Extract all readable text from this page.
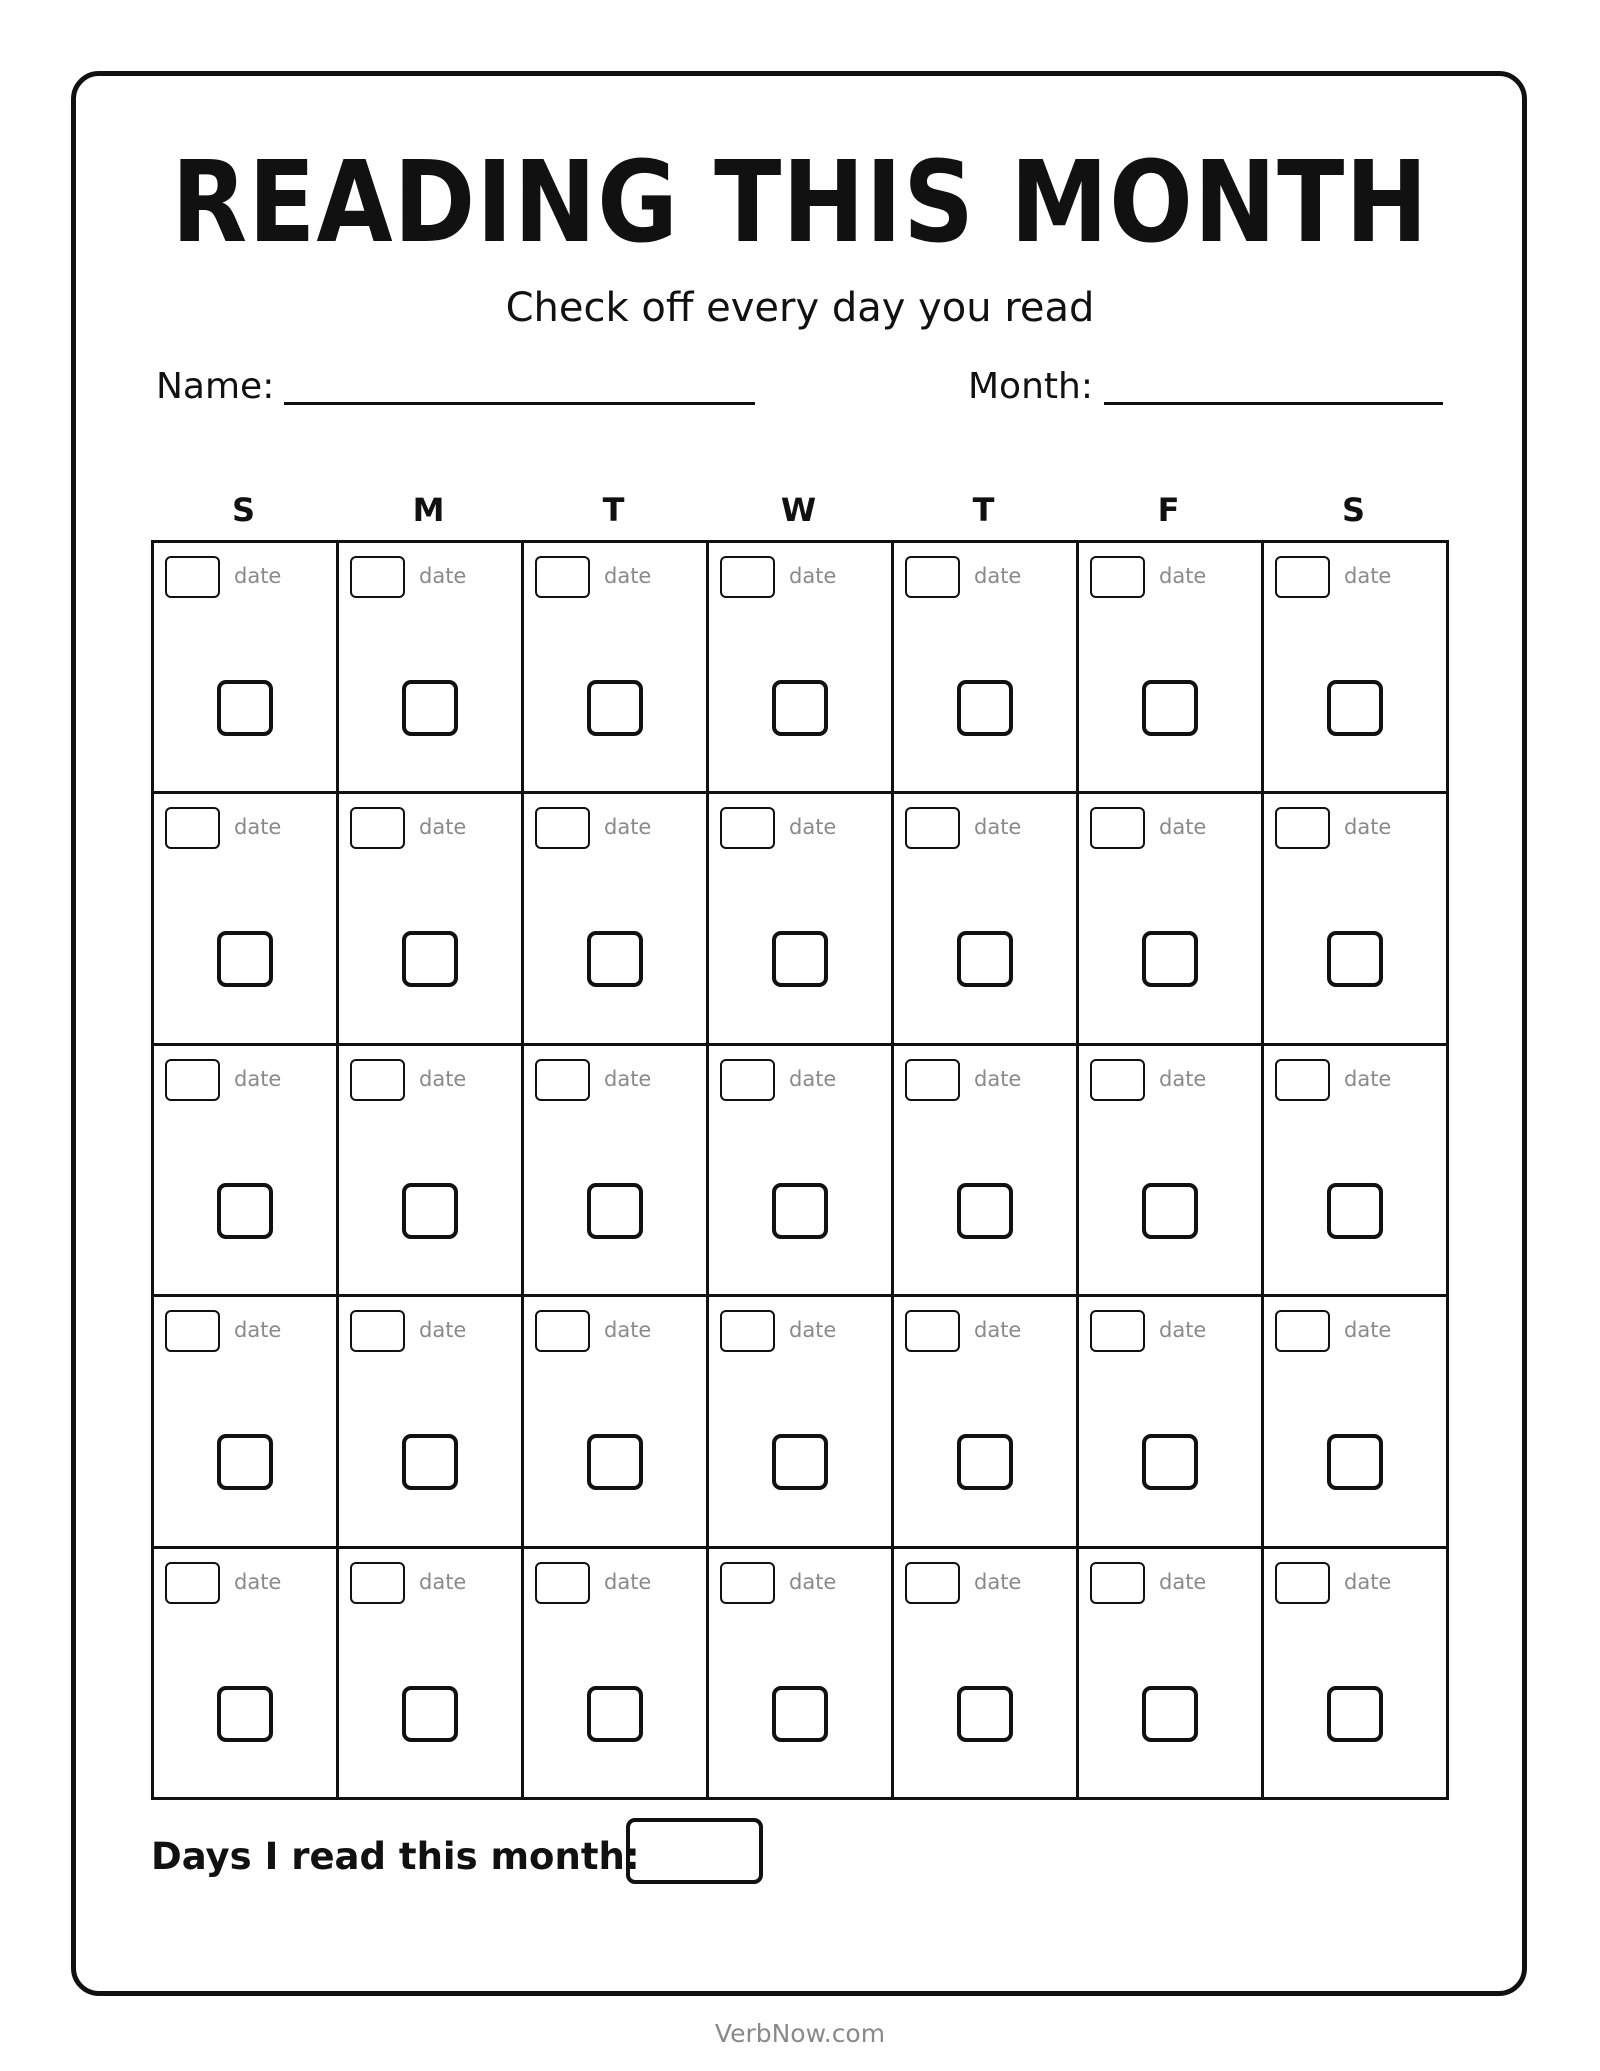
READING THIS MONTH
Check off every day you read
Name:	Month:
S	M	T	W	T	F	S
date	date	date	date	date	date	date
date	date	date	date	date	date	date
date	date	date	date	date	date	date
date	date	date	date	date	date	date
date	date	date	date	date	date	date
Days I read this month:
VerbNow.com
